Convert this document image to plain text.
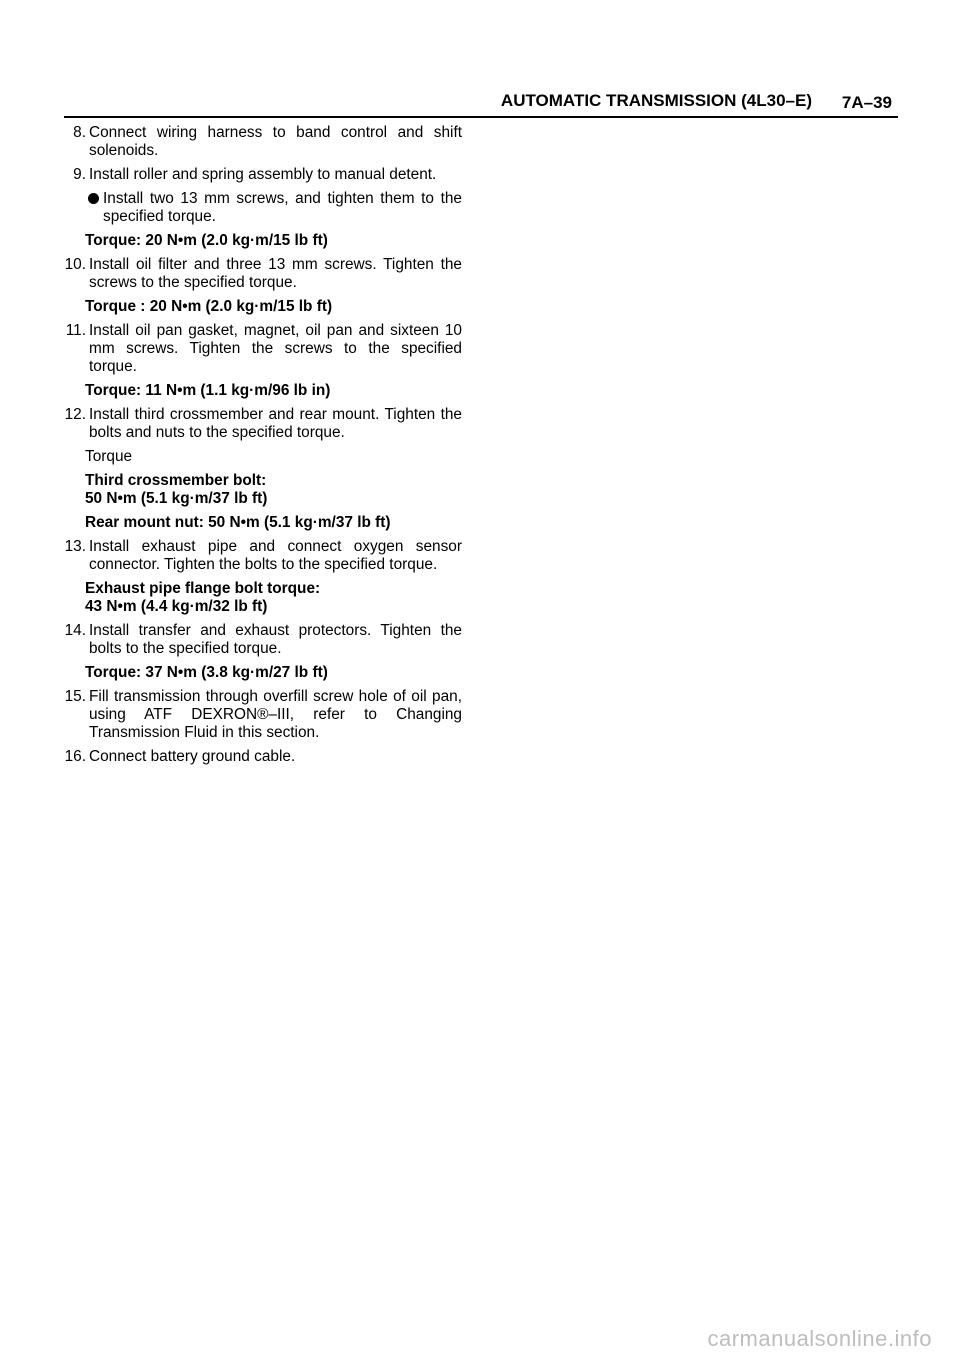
AUTOMATIC TRANSMISSION (4L30–E) 7A–39
8. Connect wiring harness to band control and shift solenoids.
9. Install roller and spring assembly to manual detent.
Install two 13 mm screws, and tighten them to the specified torque.
Torque: 20 N•m (2.0 kg·m/15 lb ft)
10. Install oil filter and three 13 mm screws. Tighten the screws to the specified torque.
Torque : 20 N•m (2.0 kg·m/15 lb ft)
11. Install oil pan gasket, magnet, oil pan and sixteen 10 mm screws. Tighten the screws to the specified torque.
Torque: 11 N•m (1.1 kg·m/96 lb in)
12. Install third crossmember and rear mount. Tighten the bolts and nuts to the specified torque.
Torque
Third crossmember bolt:
50 N•m (5.1 kg·m/37 lb ft)
Rear mount nut: 50 N•m (5.1 kg·m/37 lb ft)
13. Install exhaust pipe and connect oxygen sensor connector. Tighten the bolts to the specified torque.
Exhaust pipe flange bolt torque:
43 N•m (4.4 kg·m/32 lb ft)
14. Install transfer and exhaust protectors. Tighten the bolts to the specified torque.
Torque: 37 N•m (3.8 kg·m/27 lb ft)
15. Fill transmission through overfill screw hole of oil pan, using ATF DEXRON®–III, refer to Changing Transmission Fluid in this section.
16. Connect battery ground cable.
carmanualsonline.info
